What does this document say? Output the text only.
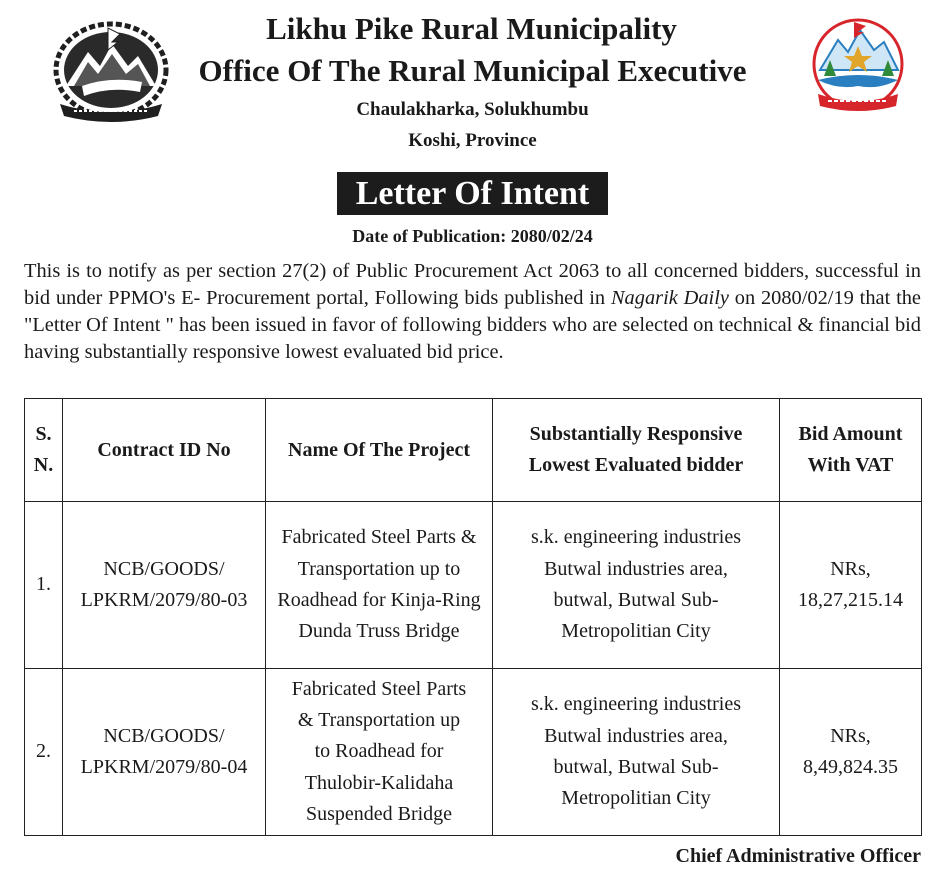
Likhu Pike Rural Municipality
Office Of The Rural Municipal Executive
Chaulakharka, Solukhumbu
Koshi, Province
Letter Of Intent
Date of Publication: 2080/02/24
This is to notify as per section 27(2) of Public Procurement Act 2063 to all concerned bidders, successful in bid under PPMO's E- Procurement portal, Following bids published in Nagarik Daily on 2080/02/19 that the "Letter Of Intent " has been issued in favor of following bidders who are selected on technical & financial bid having substantially responsive lowest evaluated bid price.
S. N.	Contract ID No	Name Of The Project	Substantially Responsive Lowest Evaluated bidder	Bid Amount With VAT
1.	NCB/GOODS/ LPKRM/2079/80-03	Fabricated Steel Parts & Transportation up to Roadhead for Kinja-Ring Dunda Truss Bridge	s.k. engineering industries Butwal industries area, butwal, Butwal Sub-Metropolitian City	NRs, 18,27,215.14
2.	NCB/GOODS/ LPKRM/2079/80-04	Fabricated Steel Parts & Transportation up to Roadhead for Thulobir-Kalidaha Suspended Bridge	s.k. engineering industries Butwal industries area, butwal, Butwal Sub-Metropolitian City	NRs, 8,49,824.35
Chief Administrative Officer
